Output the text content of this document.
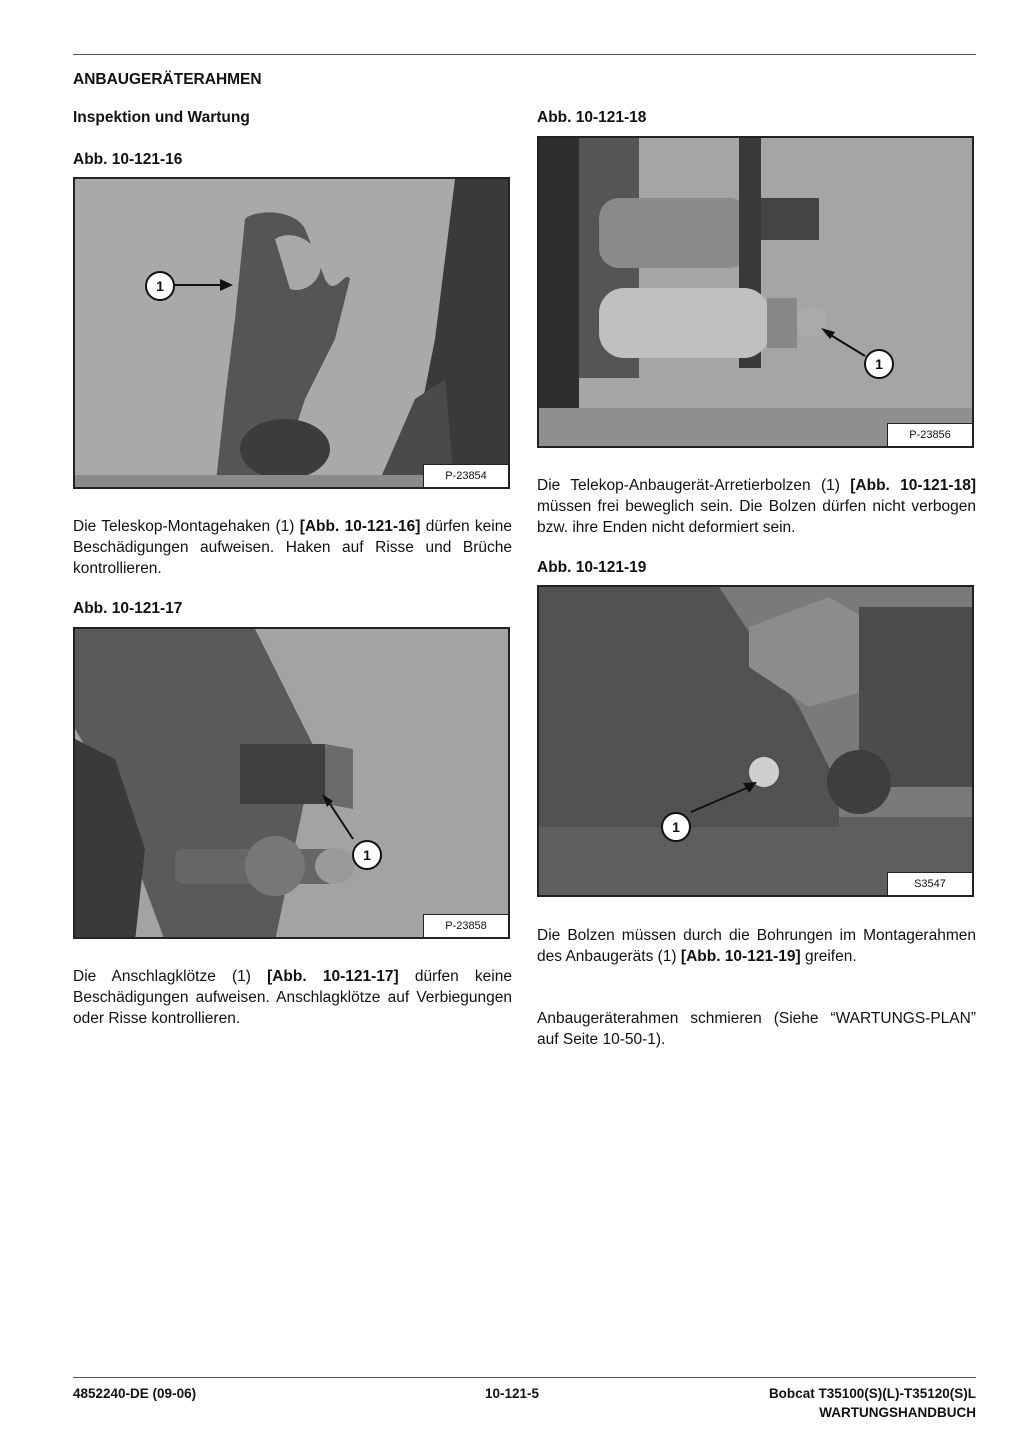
ANBAUGERÄTERAHMEN
Inspektion und Wartung
Abb. 10-121-16
1
P-23854

Die Teleskop-Montagehaken (1) [Abb. 10-121-16] dürfen keine Beschädigungen aufweisen. Haken auf Risse und Brüche kontrollieren.

Abb. 10-121-17
1
P-23858

Die Anschlagklötze (1) [Abb. 10-121-17] dürfen keine Beschädigungen aufweisen. Anschlagklötze auf Verbiegungen oder Risse kontrollieren.

Abb. 10-121-18
1
P-23856

Die Telekop-Anbaugerät-Arretierbolzen (1) [Abb. 10-121-18] müssen frei beweglich sein. Die Bolzen dürfen nicht verbogen bzw. ihre Enden nicht deformiert sein.

Abb. 10-121-19
1
S3547

Die Bolzen müssen durch die Bohrungen im Montagerahmen des Anbaugeräts (1) [Abb. 10-121-19] greifen.

Anbaugeräterahmen schmieren (Siehe “WARTUNGS-PLAN” auf Seite 10-50-1).

4852240-DE (09-06)	10-121-5	Bobcat T35100(S)(L)-T35120(S)L
WARTUNGSHANDBUCH
